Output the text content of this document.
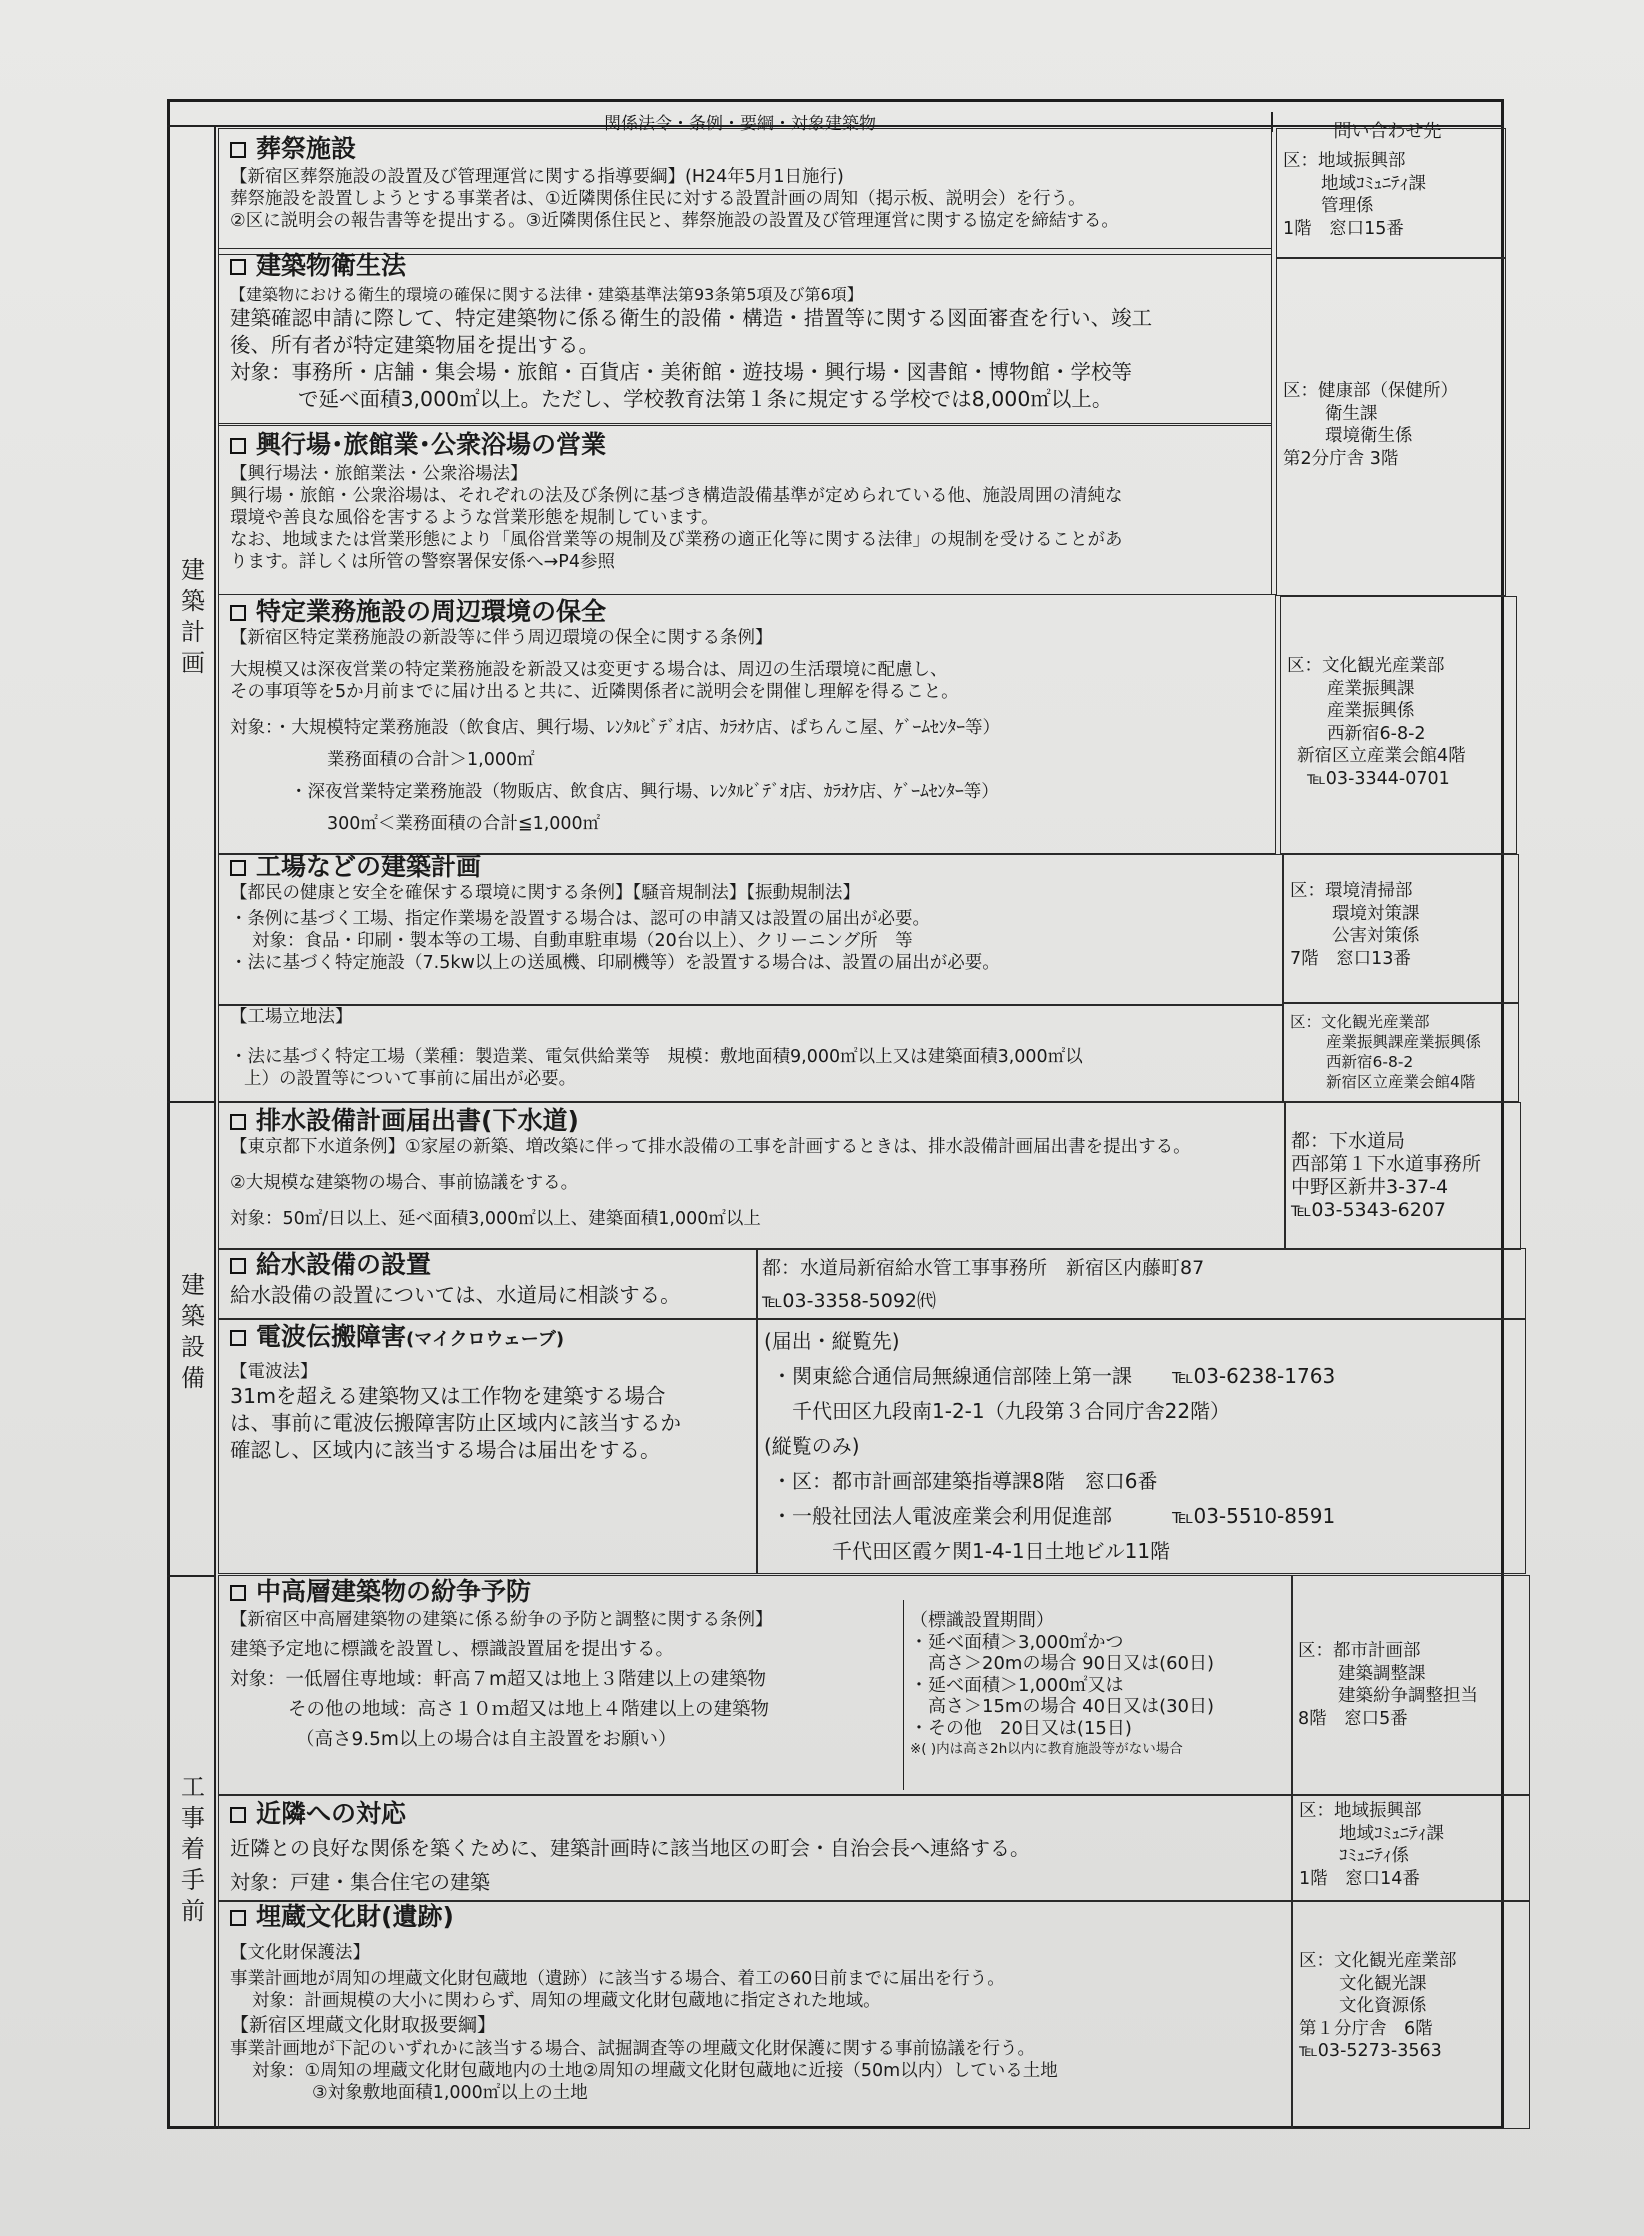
関係法令・条例・要綱・対象建築物	問い合わせ先
建築計画
建築設備
工事着手前
葬祭施設
【新宿区葬祭施設の設置及び管理運営に関する指導要綱】(H24年5月1日施行)
葬祭施設を設置しようとする事業者は、①近隣関係住民に対する設置計画の周知（掲示板、説明会）を行う。
②区に説明会の報告書等を提出する。③近隣関係住民と、葬祭施設の設置及び管理運営に関する協定を締結する。
区：地域振興部
地域ｺﾐｭﾆﾃｨ課
管理係
1階　窓口15番
建築物衛生法
【建築物における衛生的環境の確保に関する法律・建築基準法第93条第5項及び第6項】
建築確認申請に際して、特定建築物に係る衛生的設備・構造・措置等に関する図面審査を行い、竣工
後、所有者が特定建築物届を提出する。
対象：事務所・店舗・集会場・旅館・百貨店・美術館・遊技場・興行場・図書館・博物館・学校等
で延べ面積3,000㎡以上。ただし、学校教育法第１条に規定する学校では8,000㎡以上。
興行場･旅館業･公衆浴場の営業
【興行場法・旅館業法・公衆浴場法】
興行場・旅館・公衆浴場は、それぞれの法及び条例に基づき構造設備基準が定められている他、施設周囲の清純な
環境や善良な風俗を害するような営業形態を規制しています。
なお、地域または営業形態により「風俗営業等の規制及び業務の適正化等に関する法律」の規制を受けることがあ
ります。詳しくは所管の警察署保安係へ→P4参照
区：健康部（保健所）
衛生課
環境衛生係
第2分庁舎 3階
特定業務施設の周辺環境の保全
【新宿区特定業務施設の新設等に伴う周辺環境の保全に関する条例】
大規模又は深夜営業の特定業務施設を新設又は変更する場合は、周辺の生活環境に配慮し、
その事項等を5か月前までに届け出ると共に、近隣関係者に説明会を開催し理解を得ること。
対象：・大規模特定業務施設（飲食店、興行場、ﾚﾝﾀﾙﾋﾞﾃﾞｵ店、ｶﾗｵｹ店、ぱちんこ屋、ｹﾞｰﾑｾﾝﾀｰ等）
業務面積の合計＞1,000㎡
・深夜営業特定業務施設（物販店、飲食店、興行場、ﾚﾝﾀﾙﾋﾞﾃﾞｵ店、ｶﾗｵｹ店、ｹﾞｰﾑｾﾝﾀｰ等）
300㎡＜業務面積の合計≦1,000㎡
区：文化観光産業部
産業振興課
産業振興係
西新宿6-8-2
新宿区立産業会館4階
℡03-3344-0701
工場などの建築計画
【都民の健康と安全を確保する環境に関する条例】【騒音規制法】【振動規制法】
・条例に基づく工場、指定作業場を設置する場合は、認可の申請又は設置の届出が必要。
対象：食品・印刷・製本等の工場、自動車駐車場（20台以上）、クリーニング所　等
・法に基づく特定施設（7.5kw以上の送風機、印刷機等）を設置する場合は、設置の届出が必要。
区：環境清掃部
環境対策課
公害対策係
7階　窓口13番
【工場立地法】
・法に基づく特定工場（業種：製造業、電気供給業等　規模：敷地面積9,000㎡以上又は建築面積3,000㎡以
上）の設置等について事前に届出が必要。
区：文化観光産業部
産業振興課産業振興係
西新宿6-8-2
新宿区立産業会館4階
排水設備計画届出書(下水道)
【東京都下水道条例】①家屋の新築、増改築に伴って排水設備の工事を計画するときは、排水設備計画届出書を提出する。
②大規模な建築物の場合、事前協議をする。
対象：50㎡/日以上、延べ面積3,000㎡以上、建築面積1,000㎡以上
都：下水道局
西部第１下水道事務所
中野区新井3-37-4
℡03-5343-6207
給水設備の設置
給水設備の設置については、水道局に相談する。
都：水道局新宿給水管工事事務所　新宿区内藤町87
℡03-3358-5092㈹
電波伝搬障害(マイクロウェーブ)
【電波法】
31mを超える建築物又は工作物を建築する場合
は、事前に電波伝搬障害防止区域内に該当するか
確認し、区域内に該当する場合は届出をする。
(届出・縦覧先)
・関東総合通信局無線通信部陸上第一課　　℡03-6238-1763
千代田区九段南1-2-1（九段第３合同庁舎22階）
(縦覧のみ)
・区：都市計画部建築指導課8階　窓口6番
・一般社団法人電波産業会利用促進部　　　℡03-5510-8591
千代田区霞ケ関1-4-1日土地ビル11階
中高層建築物の紛争予防
【新宿区中高層建築物の建築に係る紛争の予防と調整に関する条例】
建築予定地に標識を設置し、標識設置届を提出する。
対象：一低層住専地域：軒高７m超又は地上３階建以上の建築物
その他の地域：高さ１０ｍ超又は地上４階建以上の建築物
（高さ9.5m以上の場合は自主設置をお願い）
（標識設置期間）
・延べ面積＞3,000㎡かつ
高さ＞20mの場合 90日又は(60日)
・延べ面積＞1,000㎡又は
高さ＞15mの場合 40日又は(30日)
・その他　20日又は(15日)
※( )内は高さ2h以内に教育施設等がない場合
区：都市計画部
建築調整課
建築紛争調整担当
8階　窓口5番
近隣への対応
近隣との良好な関係を築くために、建築計画時に該当地区の町会・自治会長へ連絡する。
対象：戸建・集合住宅の建築
区：地域振興部
地域ｺﾐｭﾆﾃｨ課
ｺﾐｭﾆﾃｨ係
1階　窓口14番
埋蔵文化財(遺跡)
【文化財保護法】
事業計画地が周知の埋蔵文化財包蔵地（遺跡）に該当する場合、着工の60日前までに届出を行う。
対象：計画規模の大小に関わらず、周知の埋蔵文化財包蔵地に指定された地域。
【新宿区埋蔵文化財取扱要綱】
事業計画地が下記のいずれかに該当する場合、試掘調査等の埋蔵文化財保護に関する事前協議を行う。
対象：①周知の埋蔵文化財包蔵地内の土地②周知の埋蔵文化財包蔵地に近接（50m以内）している土地
③対象敷地面積1,000㎡以上の土地
区：文化観光産業部
文化観光課
文化資源係
第１分庁舎　6階
℡03-5273-3563
